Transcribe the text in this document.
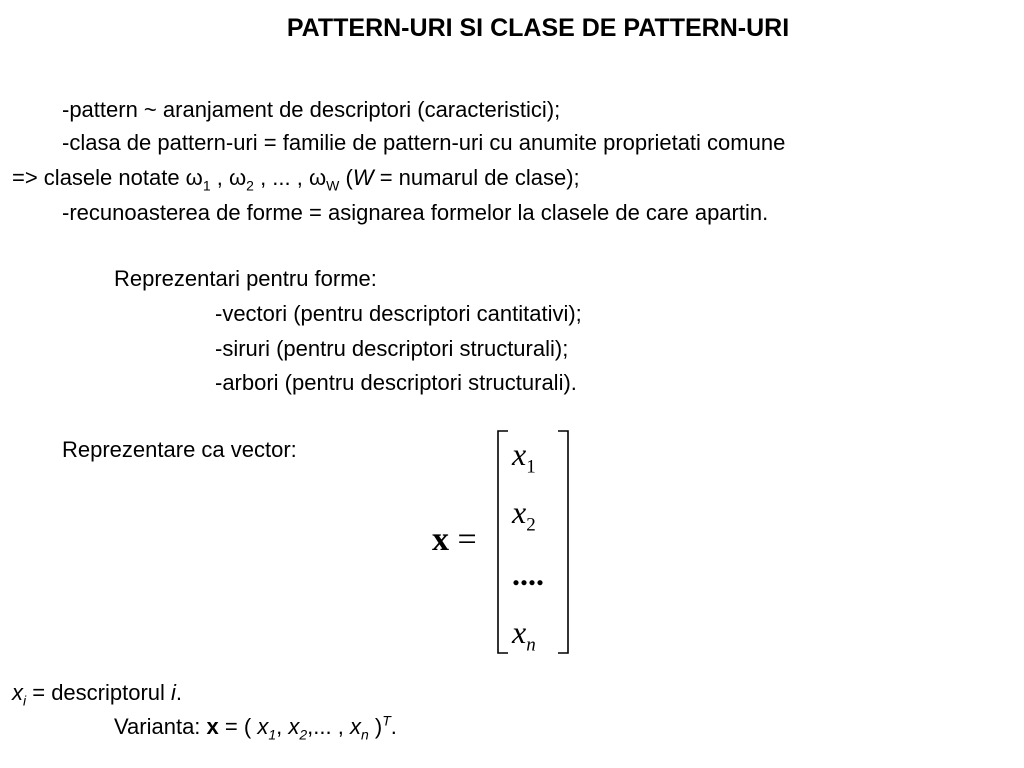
PATTERN-URI SI CLASE DE PATTERN-URI
-pattern ~ aranjament de descriptori (caracteristici);
-clasa de pattern-uri = familie de pattern-uri cu anumite proprietati comune
=> clasele notate $\omega_1$ , $\omega_2$ , ... , $\omega_W$ (W = numarul de clase);
-recunoasterea de forme = asignarea formelor la clasele de care apartin.
Reprezentari pentru forme:
-vectori (pentru descriptori cantitativi);
-siruri (pentru descriptori structurali);
-arbori (pentru descriptori structurali).
Reprezentare ca vector:
x =
$x_1$
$x_2$
....
$x_n$
$x_i$ = descriptorul i.
Varianta: x = ( $x_1$, $x_2$,... , $x_n$ )$^T$.
